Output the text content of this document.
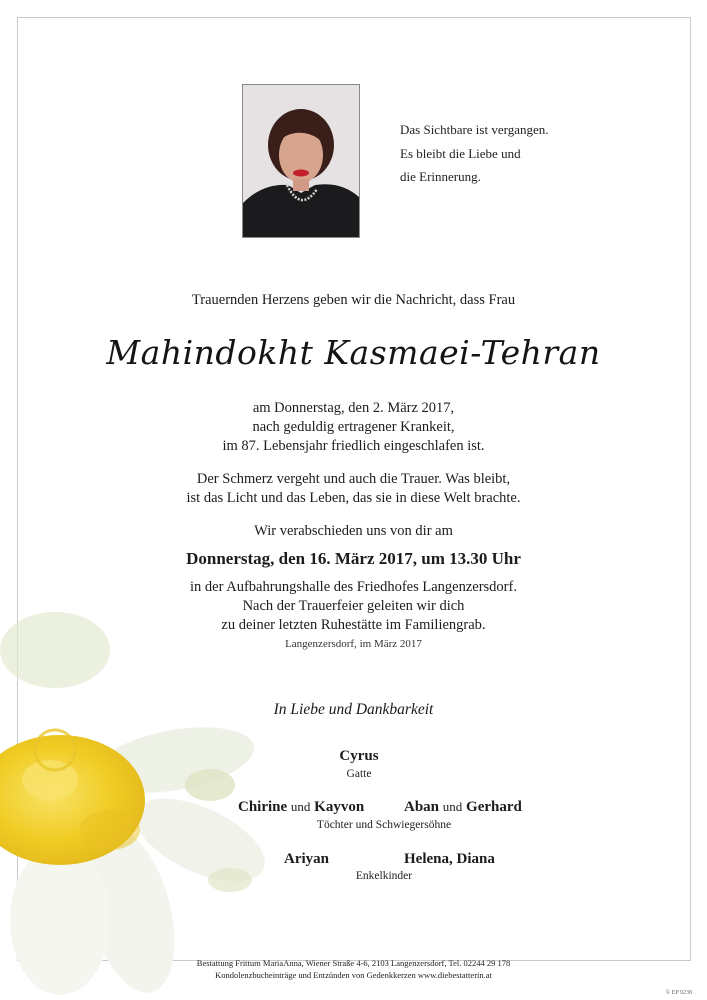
Das Sichtbare ist vergangen.
Es bleibt die Liebe und
die Erinnerung.
Trauernden Herzens geben wir die Nachricht, dass Frau
Mahindokht Kasmaei-Tehran
am Donnerstag, den 2. März 2017,
nach geduldig ertragener Krankeit,
im 87. Lebensjahr friedlich eingeschlafen ist.
Der Schmerz vergeht und auch die Trauer. Was bleibt,
ist das Licht und das Leben, das sie in diese Welt brachte.
Wir verabschieden uns von dir am
Donnerstag, den 16. März 2017, um 13.30 Uhr
in der Aufbahrungshalle des Friedhofes Langenzersdorf.
Nach der Trauerfeier geleiten wir dich
zu deiner letzten Ruhestätte im Familiengrab.
Langenzersdorf, im März 2017
In Liebe und Dankbarkeit
Cyrus
Gatte
Chirine und Kayvon	Aban und Gerhard
Töchter und Schwiegersöhne
Ariyan	Helena, Diana
Enkelkinder
Bestattung Frittum MariaAnna, Wiener Straße 4-6, 2103 Langenzersdorf, Tel. 02244 29 178
Kondolenzbucheinträge und Entzünden von Gedenkkerzen www.diebestatterin.at
© EP 9238
